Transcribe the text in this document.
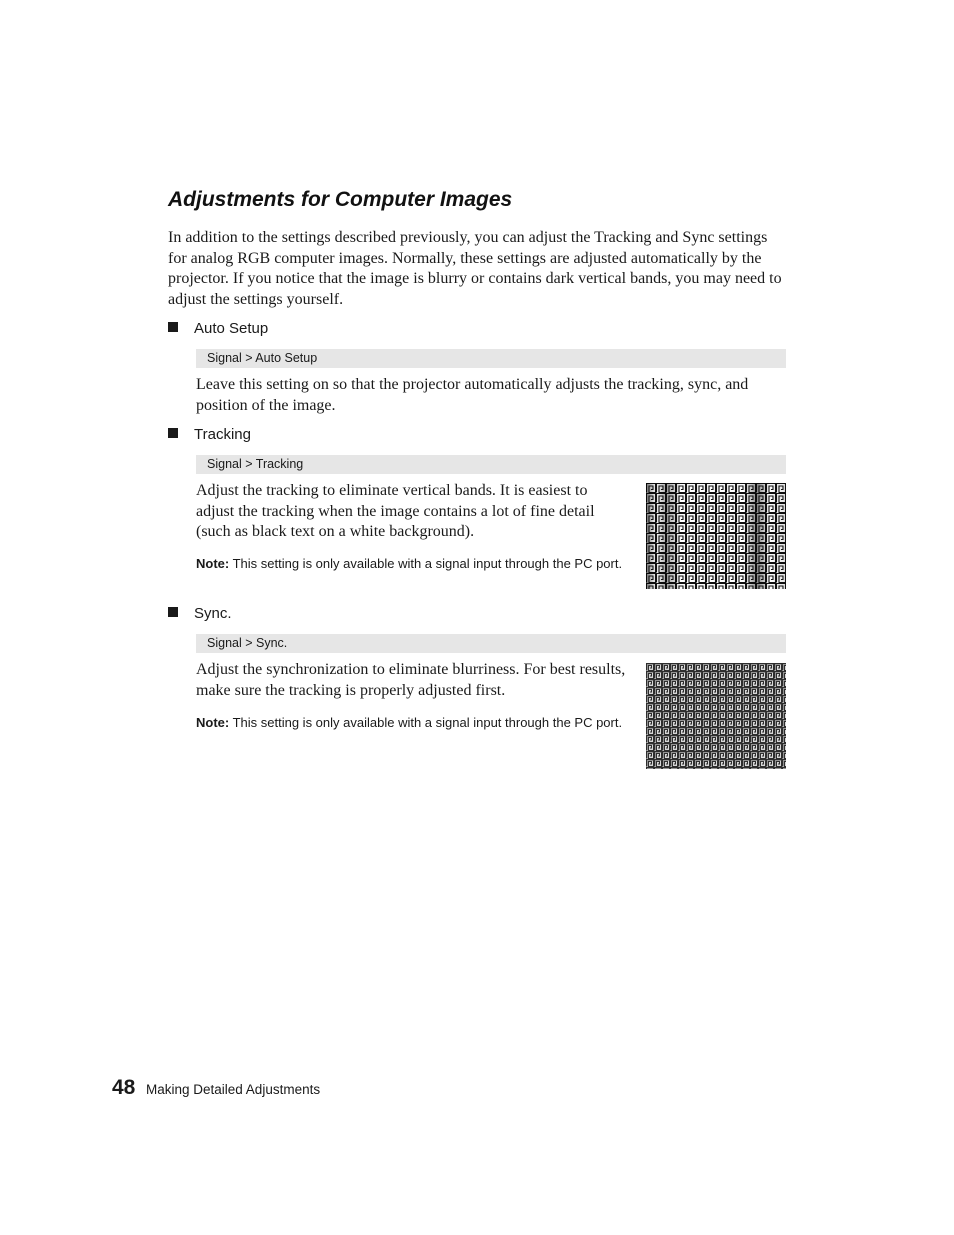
Adjustments for Computer Images

In addition to the settings described previously, you can adjust the Tracking and Sync settings for analog RGB computer images. Normally, these settings are adjusted automatically by the projector. If you notice that the image is blurry or contains dark vertical bands, you may need to adjust the settings yourself.

Auto Setup
Signal > Auto Setup

Leave this setting on so that the projector automatically adjusts the tracking, sync, and position of the image.

Tracking
Signal > Tracking

Adjust the tracking to eliminate vertical bands. It is easiest to adjust the tracking when the image contains a lot of fine detail (such as black text on a white background).

Note: This setting is only available with a signal input through the PC port.

Sync.
Signal > Sync.

Adjust the synchronization to eliminate blurriness. For best results, make sure the tracking is properly adjusted first.

Note: This setting is only available with a signal input through the PC port.

48 Making Detailed Adjustments
